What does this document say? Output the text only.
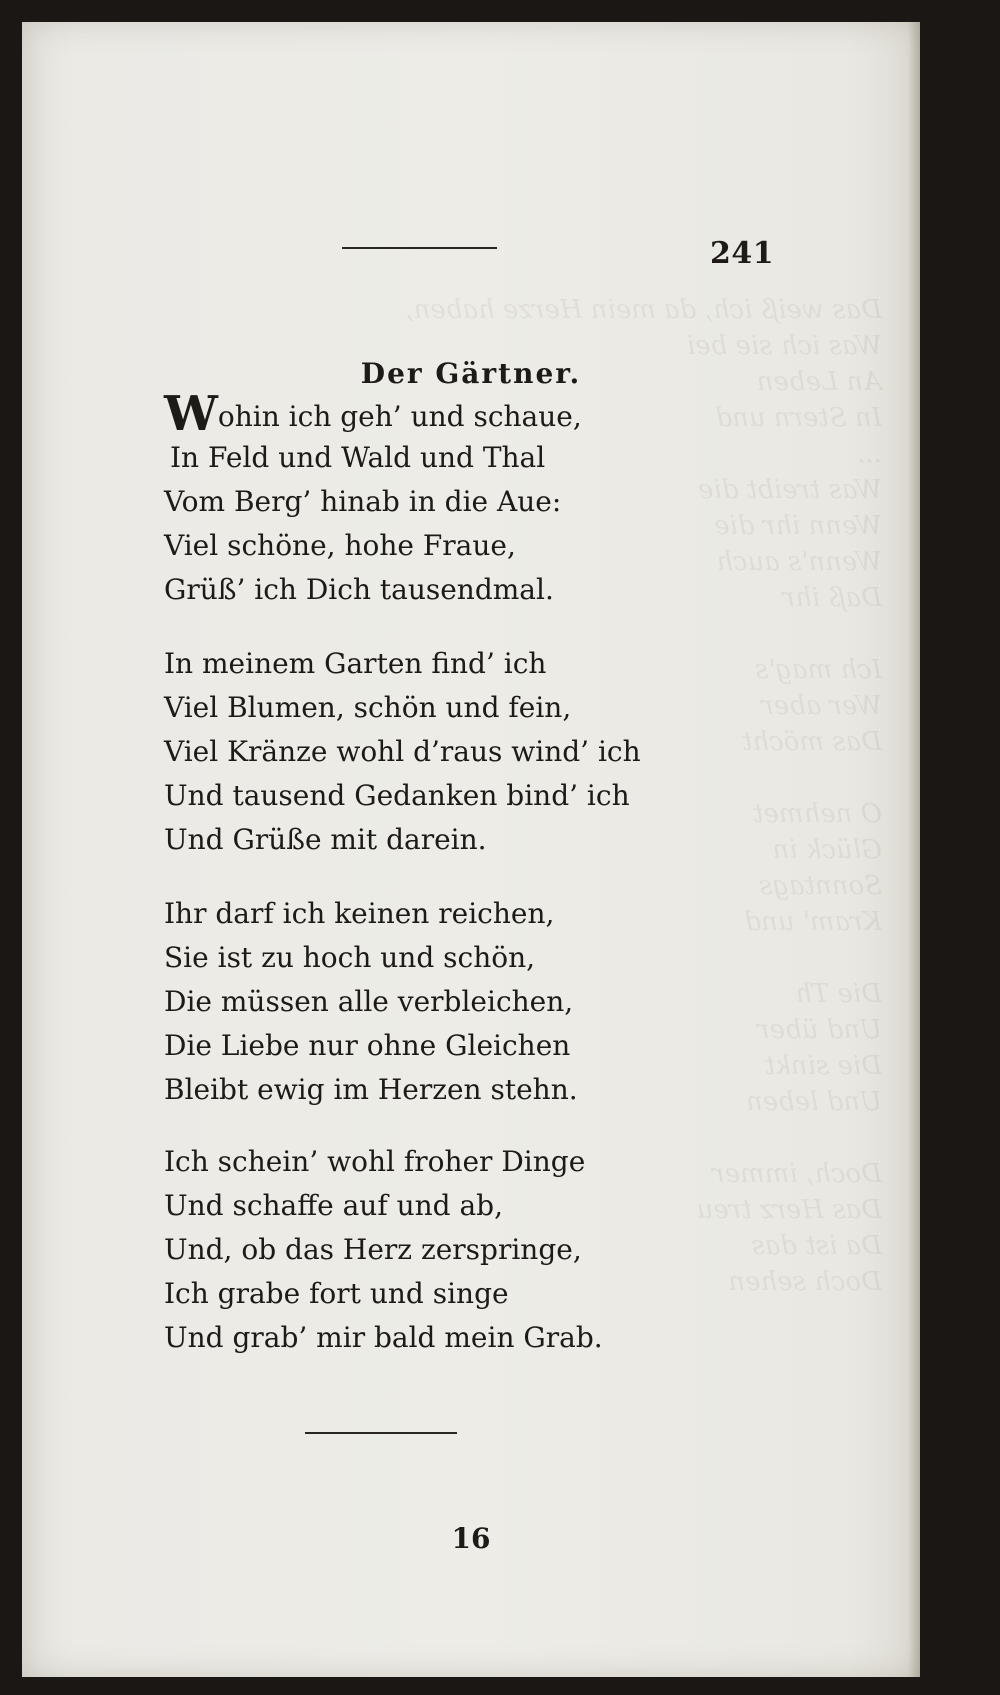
Das weiß ich, da mein Herze haben,
Was ich sie bei
An Leben
In Stern und
...
Was treibt die
Wenn ihr die
Wenn's auch
Daß ihr

Ich mag's
Wer aber
Das möcht

O nehmet
Glück in
Sonntags
Kram' und

Die Th
Und über
Die sinkt
Und leben

Doch, immer
Das Herz treu
Da ist das
Doch sehen
241
Der Gärtner.
Wohin ich geh’ und schaue,
In Feld und Wald und Thal
Vom Berg’ hinab in die Aue:
Viel schöne, hohe Fraue,
Grüß’ ich Dich tausendmal.
In meinem Garten find’ ich
Viel Blumen, schön und fein,
Viel Kränze wohl d’raus wind’ ich
Und tausend Gedanken bind’ ich
Und Grüße mit darein.
Ihr darf ich keinen reichen,
Sie ist zu hoch und schön,
Die müssen alle verbleichen,
Die Liebe nur ohne Gleichen
Bleibt ewig im Herzen stehn.
Ich schein’ wohl froher Dinge
Und schaffe auf und ab,
Und, ob das Herz zerspringe,
Ich grabe fort und singe
Und grab’ mir bald mein Grab.
16
